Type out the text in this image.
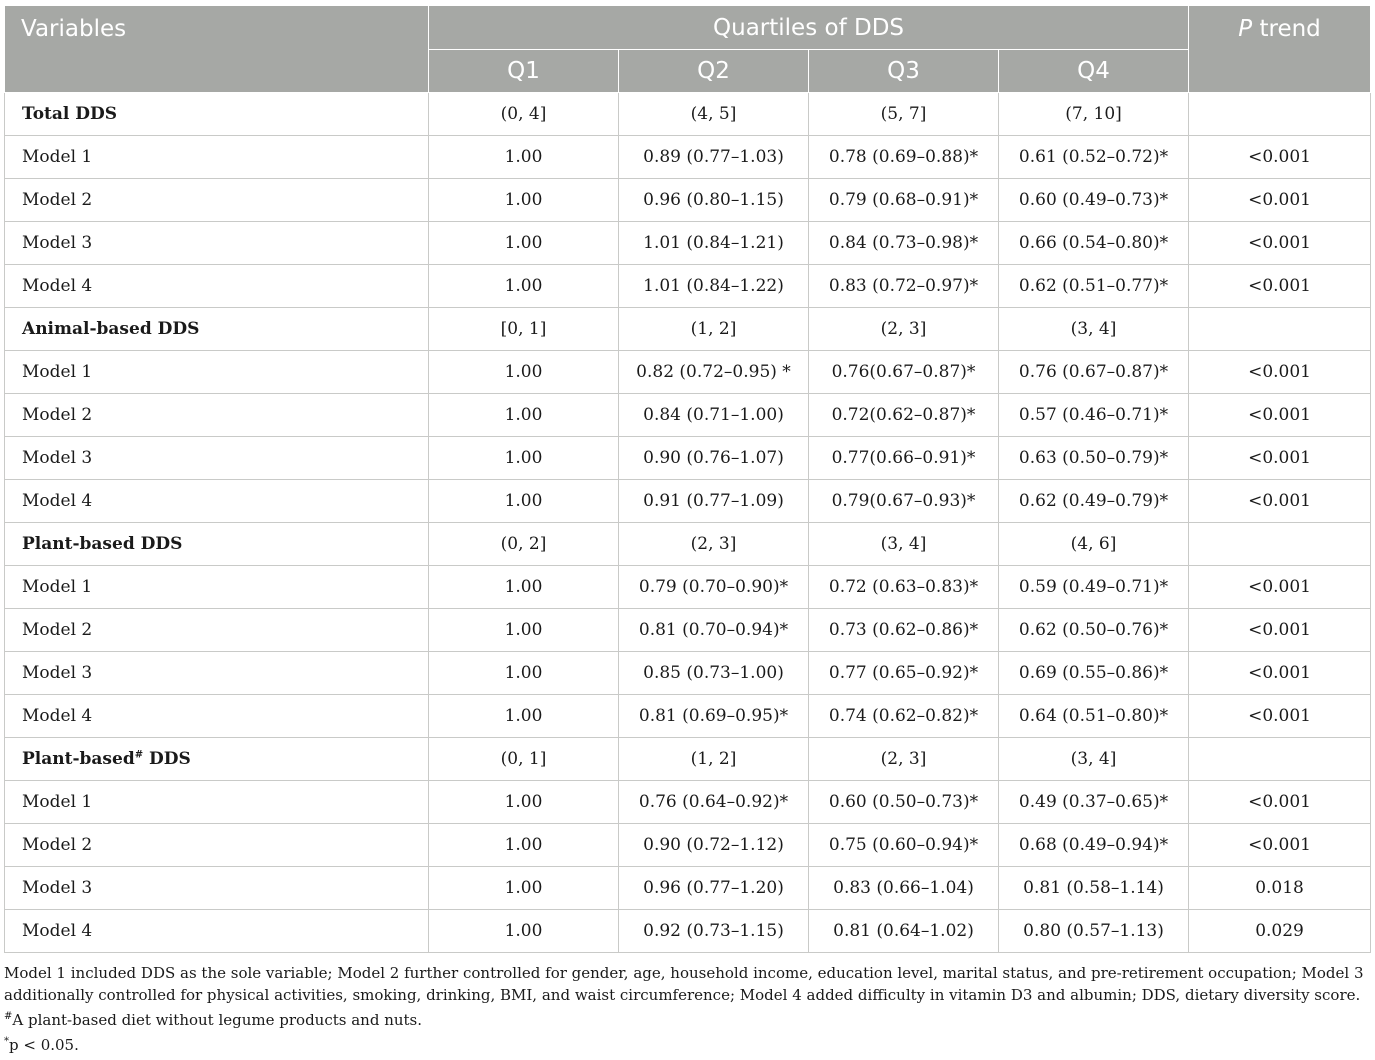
Variables	Quartiles of DDS				P trend
	Q1	Q2	Q3	Q4	
Total DDS	(0, 4]	(4, 5]	(5, 7]	(7, 10]	
Model 1	1.00	0.89 (0.77–1.03)	0.78 (0.69–0.88)*	0.61 (0.52–0.72)*	<0.001
Model 2	1.00	0.96 (0.80–1.15)	0.79 (0.68–0.91)*	0.60 (0.49–0.73)*	<0.001
Model 3	1.00	1.01 (0.84–1.21)	0.84 (0.73–0.98)*	0.66 (0.54–0.80)*	<0.001
Model 4	1.00	1.01 (0.84–1.22)	0.83 (0.72–0.97)*	0.62 (0.51–0.77)*	<0.001
Animal-based DDS	[0, 1]	(1, 2]	(2, 3]	(3, 4]	
Model 1	1.00	0.82 (0.72–0.95) *	0.76(0.67–0.87)*	0.76 (0.67–0.87)*	<0.001
Model 2	1.00	0.84 (0.71–1.00)	0.72(0.62–0.87)*	0.57 (0.46–0.71)*	<0.001
Model 3	1.00	0.90 (0.76–1.07)	0.77(0.66–0.91)*	0.63 (0.50–0.79)*	<0.001
Model 4	1.00	0.91 (0.77–1.09)	0.79(0.67–0.93)*	0.62 (0.49–0.79)*	<0.001
Plant-based DDS	(0, 2]	(2, 3]	(3, 4]	(4, 6]	
Model 1	1.00	0.79 (0.70–0.90)*	0.72 (0.63–0.83)*	0.59 (0.49–0.71)*	<0.001
Model 2	1.00	0.81 (0.70–0.94)*	0.73 (0.62–0.86)*	0.62 (0.50–0.76)*	<0.001
Model 3	1.00	0.85 (0.73–1.00)	0.77 (0.65–0.92)*	0.69 (0.55–0.86)*	<0.001
Model 4	1.00	0.81 (0.69–0.95)*	0.74 (0.62–0.82)*	0.64 (0.51–0.80)*	<0.001
Plant-based# DDS	(0, 1]	(1, 2]	(2, 3]	(3, 4]	
Model 1	1.00	0.76 (0.64–0.92)*	0.60 (0.50–0.73)*	0.49 (0.37–0.65)*	<0.001
Model 2	1.00	0.90 (0.72–1.12)	0.75 (0.60–0.94)*	0.68 (0.49–0.94)*	<0.001
Model 3	1.00	0.96 (0.77–1.20)	0.83 (0.66–1.04)	0.81 (0.58–1.14)	0.018
Model 4	1.00	0.92 (0.73–1.15)	0.81 (0.64–1.02)	0.80 (0.57–1.13)	0.029

Model 1 included DDS as the sole variable; Model 2 further controlled for gender, age, household income, education level, marital status, and pre-retirement occupation; Model 3 additionally controlled for physical activities, smoking, drinking, BMI, and waist circumference; Model 4 added difficulty in vitamin D3 and albumin; DDS, dietary diversity score.

#A plant-based diet without legume products and nuts.

*p < 0.05.
